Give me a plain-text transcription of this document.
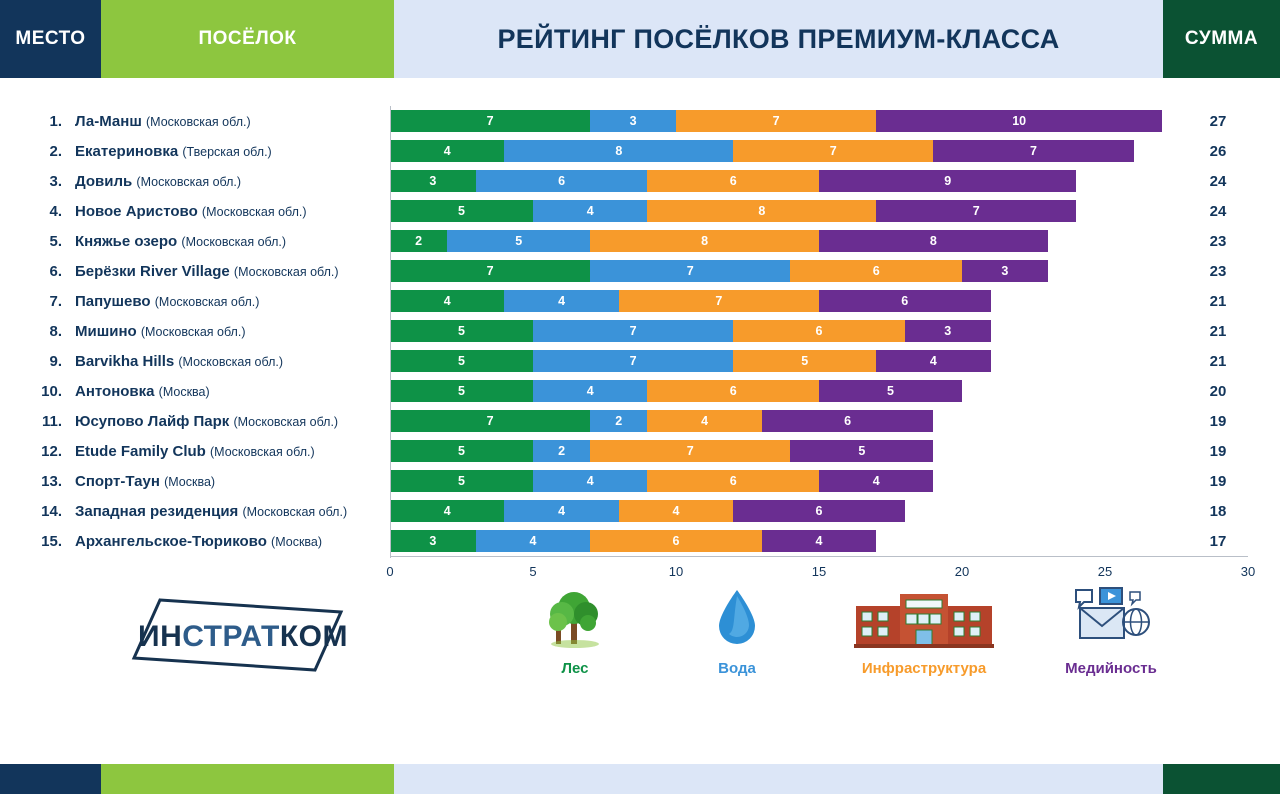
МЕСТО	ПОСЁЛОК	РЕЙТИНГ ПОСЁЛКОВ ПРЕМИУМ-КЛАССА	СУММА
1. Ла-Манш (Московская обл.)	7	3	7	10	27
2. Екатериновка (Тверская обл.)	4	8	7	7	26
3. Довиль (Московская обл.)	3	6	6	9	24
4. Новое Аристово (Московская обл.)	5	4	8	7	24
5. Княжье озеро (Московская обл.)	2	5	8	8	23
6. Берёзки River Village (Московская обл.)	7	7	6	3	23
7. Папушево (Московская обл.)	4	4	7	6	21
8. Мишино (Московская обл.)	5	7	6	3	21
9. Barvikha Hills (Московская обл.)	5	7	5	4	21
10. Антоновка (Москва)	5	4	6	5	20
11. Юсупово Лайф Парк (Московская обл.)	7	2	4	6	19
12. Etude Family Club (Московская обл.)	5	2	7	5	19
13. Спорт-Таун (Москва)	5	4	6	4	19
14. Западная резиденция (Московская обл.)	4	4	4	6	18
15. Архангельское-Тюриково (Москва)	3	4	6	4	17
0	5	10	15	20	25	30
ИНСТРАТКОМ
Лес	Вода	Инфраструктура	Медийность
